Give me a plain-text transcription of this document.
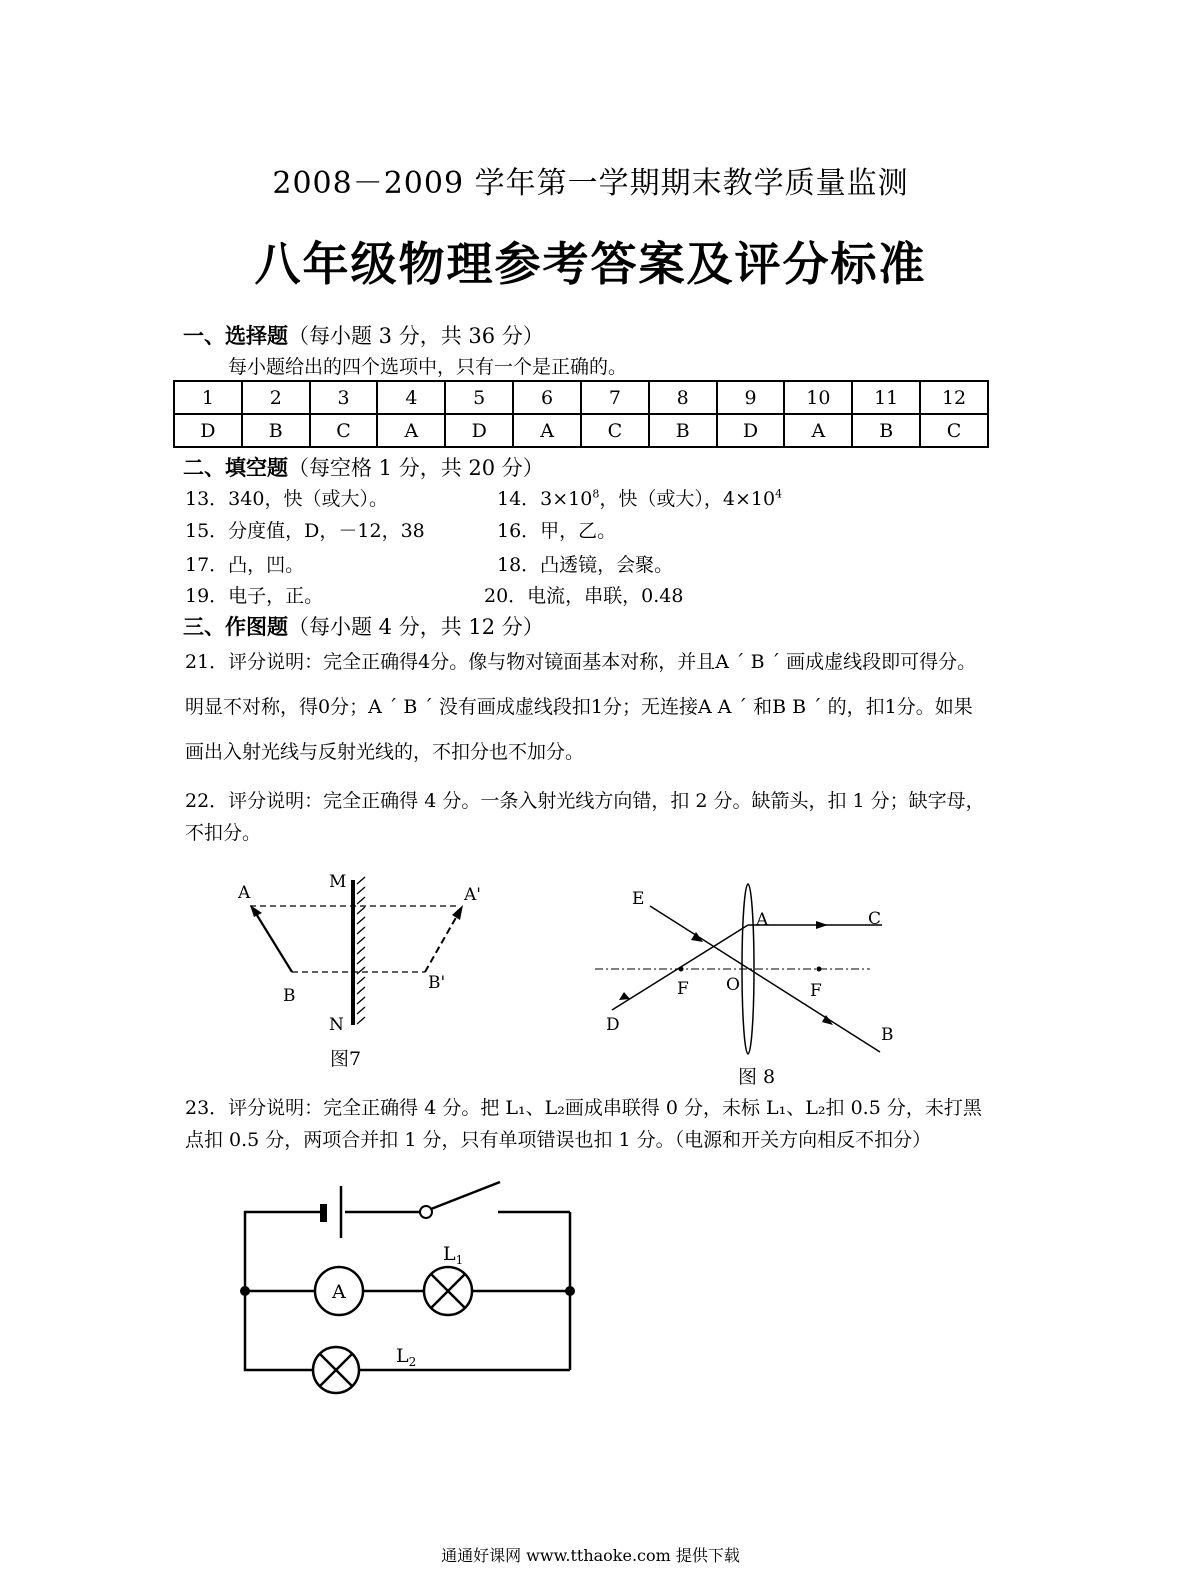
2008－2009 学年第一学期期末教学质量监测
八年级物理参考答案及评分标准
一、选择题（每小题 3 分，共 36 分）
每小题给出的四个选项中，只有一个是正确的。
1	2	3	4	5	6	7	8	9	10	11	12
D	B	C	A	D	A	C	B	D	A	B	C
二、填空题（每空格 1 分，共 20 分）
13．340，快（或大）。	14．$3\times 10^8$，快（或大），$4\times 10^4$
15．分度值，D，－12，38	16．甲，乙。
17．凸，凹。	18．凸透镜，会聚。
19．电子，正。	20．电流，串联，0.48
三、作图题（每小题 4 分，共 12 分）
21．评分说明：完全正确得4分。像与物对镜面基本对称，并且A ´ B ´ 画成虚线段即可得分。明显不对称，得0分；A ´ B ´ 没有画成虚线段扣1分；无连接A A ´ 和B B ´ 的，扣1分。如果画出入射光线与反射光线的，不扣分也不加分。
22．评分说明：完全正确得 4 分。一条入射光线方向错，扣 2 分。缺箭头，扣 1 分；缺字母，不扣分。
A
B
M
N
A'
B'
图7
E
A	C
F O	F
D	B
图 8
23．评分说明：完全正确得 4 分。把 L₁、L₂画成串联得 0 分，未标 L₁、L₂扣 0.5 分，未打黑点扣 0.5 分，两项合并扣 1 分，只有单项错误也扣 1 分。（电源和开关方向相反不扣分）
A
$L_1$
$L_2$
通通好课网 www.tthaoke.com 提供下载
